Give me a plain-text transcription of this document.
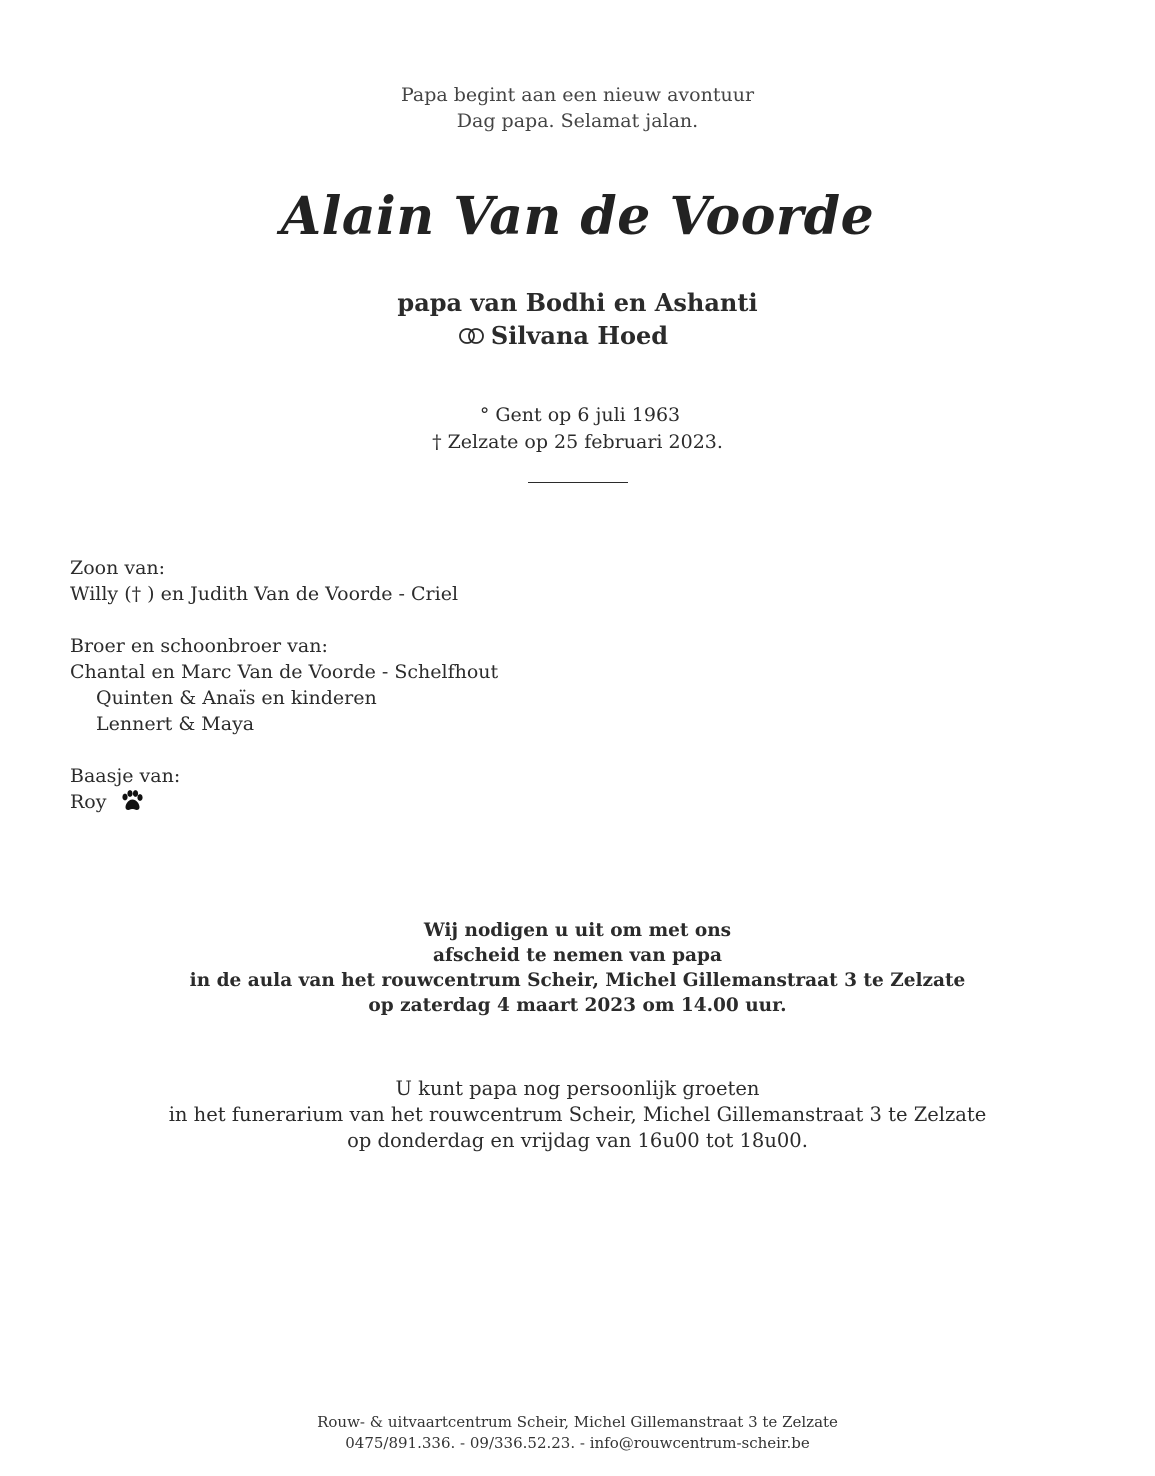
Papa begint aan een nieuw avontuur
Dag papa. Selamat jalan.
Alain Van de Voorde
papa van Bodhi en Ashanti
Silvana Hoed
° Gent op 6 juli 1963
† Zelzate op 25 februari 2023.
Zoon van:
Willy († ) en Judith Van de Voorde - Criel
Broer en schoonbroer van:
Chantal en Marc Van de Voorde - Schelfhout
Quinten & Anaïs en kinderen
Lennert & Maya
Baasje van:
Roy
Wij nodigen u uit om met ons
afscheid te nemen van papa
in de aula van het rouwcentrum Scheir, Michel Gillemanstraat 3 te Zelzate
op zaterdag 4 maart 2023 om 14.00 uur.
U kunt papa nog persoonlijk groeten
in het funerarium van het rouwcentrum Scheir, Michel Gillemanstraat 3 te Zelzate
op donderdag en vrijdag van 16u00 tot 18u00.
Rouw- & uitvaartcentrum Scheir, Michel Gillemanstraat 3 te Zelzate
0475/891.336. - 09/336.52.23. - info@rouwcentrum-scheir.be
